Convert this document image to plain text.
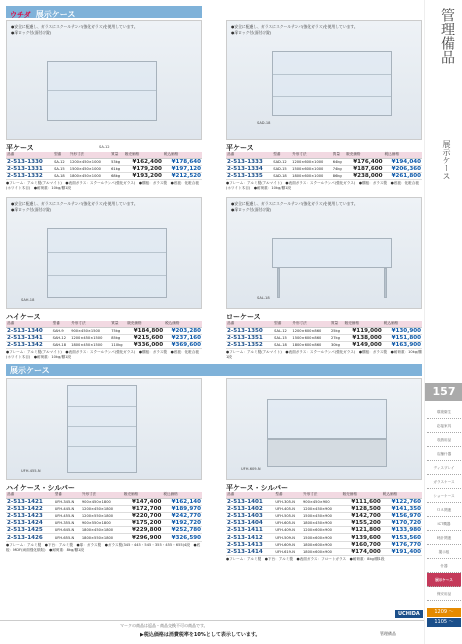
ウチダ 展示ケース
●安全に配慮し、ガラスにスクールテンパ(強化ガラス)を使用しています。
●扉ロック付(面付け錠)
SA-12
●安全に配慮し、ガラスにスクールテンパ(強化ガラス)を使用しています。
●扉ロック付(面付け錠)
SAD-18
平ケース
品番	型番	外形寸法	質量	販売価格	税込価格
2-513-1330	SA-12	1200×450×1000	53kg	¥162,400	¥178,640
2-513-1331	SA-15	1500×450×1000	61kg	¥179,200	¥197,120
2-513-1332	SA-18	1800×450×1000	68kg	¥193,200	¥212,520
●フレーム：アルミ製(アルマイト)　●表面ガラス：スクールテンパ(強化ガラス)　●棚板：ガラス製　●底板：化粧合板(ホワイト木目)　●耐荷重：10kg/棚1段
平ケース
品番	型番	外形寸法	質量	販売価格	税込価格
2-513-1333	SAD-12	1200×600×1000	64kg	¥176,400	¥194,040
2-513-1334	SAD-15	1500×600×1000	74kg	¥187,600	¥206,360
2-513-1335	SAD-18	1800×600×1000	86kg	¥238,000	¥261,800
●フレーム：アルミ製(アルマイト)　●表面ガラス：スクールテンパ(強化ガラス)　●棚板：ガラス製　●底板：化粧合板(ホワイト木目)　●耐荷重：10kg/棚1段
●安全に配慮し、ガラスにスクールテンパ(強化ガラス)を使用しています。
●扉ロック付(面付け錠)
SAH-18
●安全に配慮し、ガラスにスクールテンパ(強化ガラス)を使用しています。
●扉ロック付(面付け錠)
SAL-18
ハイケース
品番	型番	外形寸法	質量	販売価格	税込価格
2-513-1340	SAH-9	900×450×1500	75kg	¥184,800	¥203,280
2-513-1341	SAH-12	1200×450×1500	85kg	¥215,600	¥237,160
2-513-1342	SAH-18	1800×450×1500	110kg	¥336,000	¥369,600
●フレーム：アルミ製(アルマイト)　●表面ガラス：スクールテンパ(強化ガラス)　●棚板：ガラス製　●底板：化粧合板(ホワイト木目)　●耐荷重：10kg/棚1段
ローケース
品番	型番	外形寸法	質量	販売価格	税込価格
2-513-1350	SAL-12	1200×600×860	25kg	¥119,000	¥130,900
2-513-1351	SAL-15	1500×600×860	27kg	¥138,000	¥151,800
2-513-1352	SAL-18	1800×600×860	30kg	¥149,000	¥163,900
●フレーム：アルミ製(アルマイト)　●表面ガラス：スクールテンパ(強化ガラス)　●棚板：ガラス製　●耐荷重：10kg/棚1段
展示ケース
UFH-455-N	UFH-609-N
ハイケース・シルバー
品番	型番	外形寸法	販売価格	税込価格
2-513-1421	UFH-345-N	900×450×1800	¥147,400	¥162,140
2-513-1422	UFH-445-N	1200×450×1800	¥172,700	¥189,970
2-513-1423	UFH-455-N	1200×550×1800	¥220,700	¥242,770
2-513-1424	UFH-355-N	900×550×1800	¥175,200	¥192,720
2-513-1425	UFH-645-N	1800×450×1800	¥229,800	¥252,780
2-513-1426	UFH-655-N	1800×550×1800	¥296,900	¥326,590
●フレーム：アルミ製　●下台：アルミ製　●扉：ガラス製　●ガラス製(345・445・545・355・455・655)4段　●底板：MDF(両面強化紙貼)　●耐荷重：8kg/棚1段
平ケース・シルバー
品番	型番	外形寸法	販売価格	税込価格
2-513-1401	UFH-305-N	900×450×900	¥111,600	¥122,760
2-513-1402	UFH-405-N	1200×450×900	¥128,500	¥141,350
2-513-1403	UFH-505-N	1500×450×900	¥142,700	¥156,970
2-513-1404	UFH-605-N	1800×450×900	¥155,200	¥170,720
2-513-1411	UFH-409-N	1200×600×900	¥121,800	¥133,980
2-513-1412	UFH-509-N	1500×600×900	¥139,600	¥153,560
2-513-1413	UFH-609-N	1800×600×900	¥160,700	¥176,770
2-513-1414	UFH-619-N	1800×600×900	¥174,000	¥191,400
●フレーム：アルミ製　●下台：アルミ製　●表面ガラス：フロートガラス　●耐荷重：8kg/棚1段
UCHIDA
マークの商品は返品・商品交換不可の商品です。
▶税込価格は消費税率を10%として表示しています。	管理備品
管理備品
展示ケース
157
環境衛生
応接家具
収納用品
店舗什器
ディスプレイ
ガラスケース
ショーケース
ＯＡ関連
ICT機器
時計関連
掲示板
什器
展示ケース
保安用品
1209 〜
1105 〜
